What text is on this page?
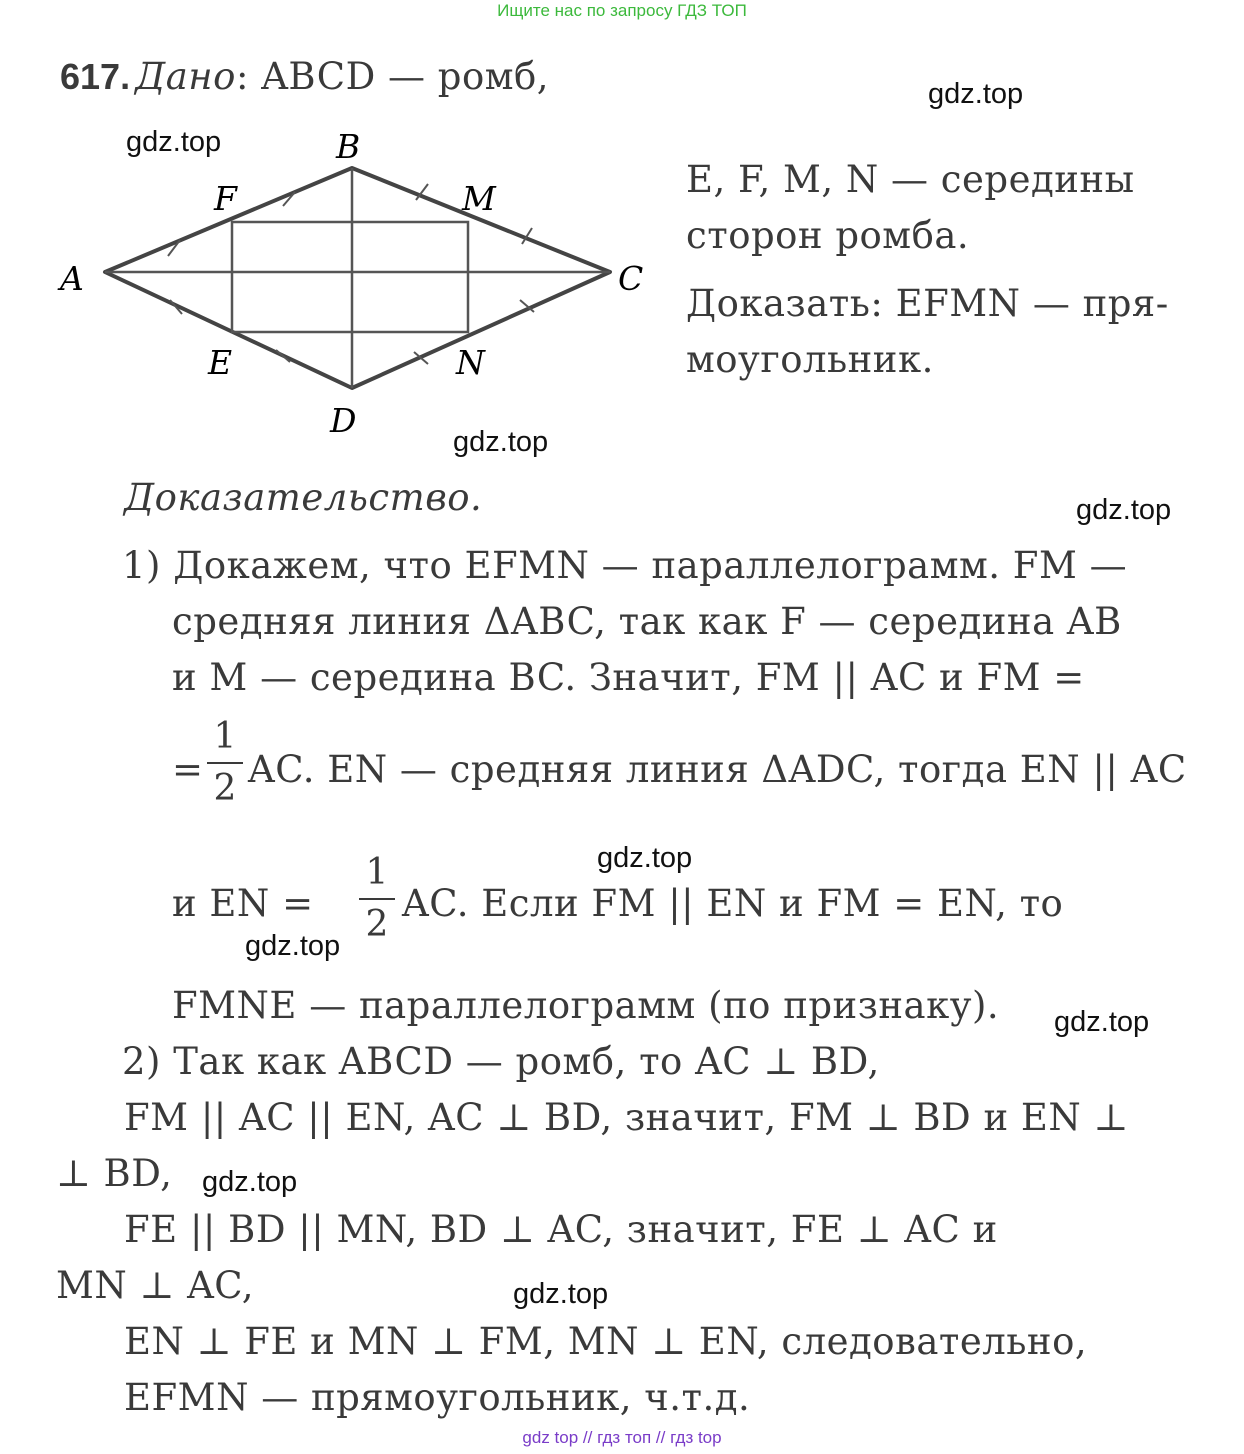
Ищите нас по запросу ГДЗ ТОП
617. Дано: ABCD — ромб,	gdz.top
gdz.top
gdz.top
gdz.top
gdz.top
gdz.top
gdz.top
gdz.top
gdz.top
A
B
C
D
E
F	M
N
E, F, M, N — середины
сторон ромба.
Доказать: EFMN — пря-
моугольник.
Доказательство.
1) Докажем, что EFMN — параллелограмм. FM —
средняя линия ΔABC, так как F — середина AB
и M — середина BC. Значит, FM || AC и FM =
=
1
2 AC. EN — средняя линия ΔADC, тогда EN || AC
и EN =
1
2 AC. Если FM || EN и FM = EN, то
FMNE — параллелограмм (по признаку).
2) Так как ABCD — ромб, то AC ⊥ BD,
FM || AC || EN, AC ⊥ BD, значит, FM ⊥ BD и EN ⊥
⊥ BD,
FE || BD || MN, BD ⊥ AC, значит, FE ⊥ AC и
MN ⊥ AC,
EN ⊥ FE и MN ⊥ FM, MN ⊥ EN, следовательно,
EFMN — прямоугольник, ч.т.д.
gdz top // гдз топ // гдз top
